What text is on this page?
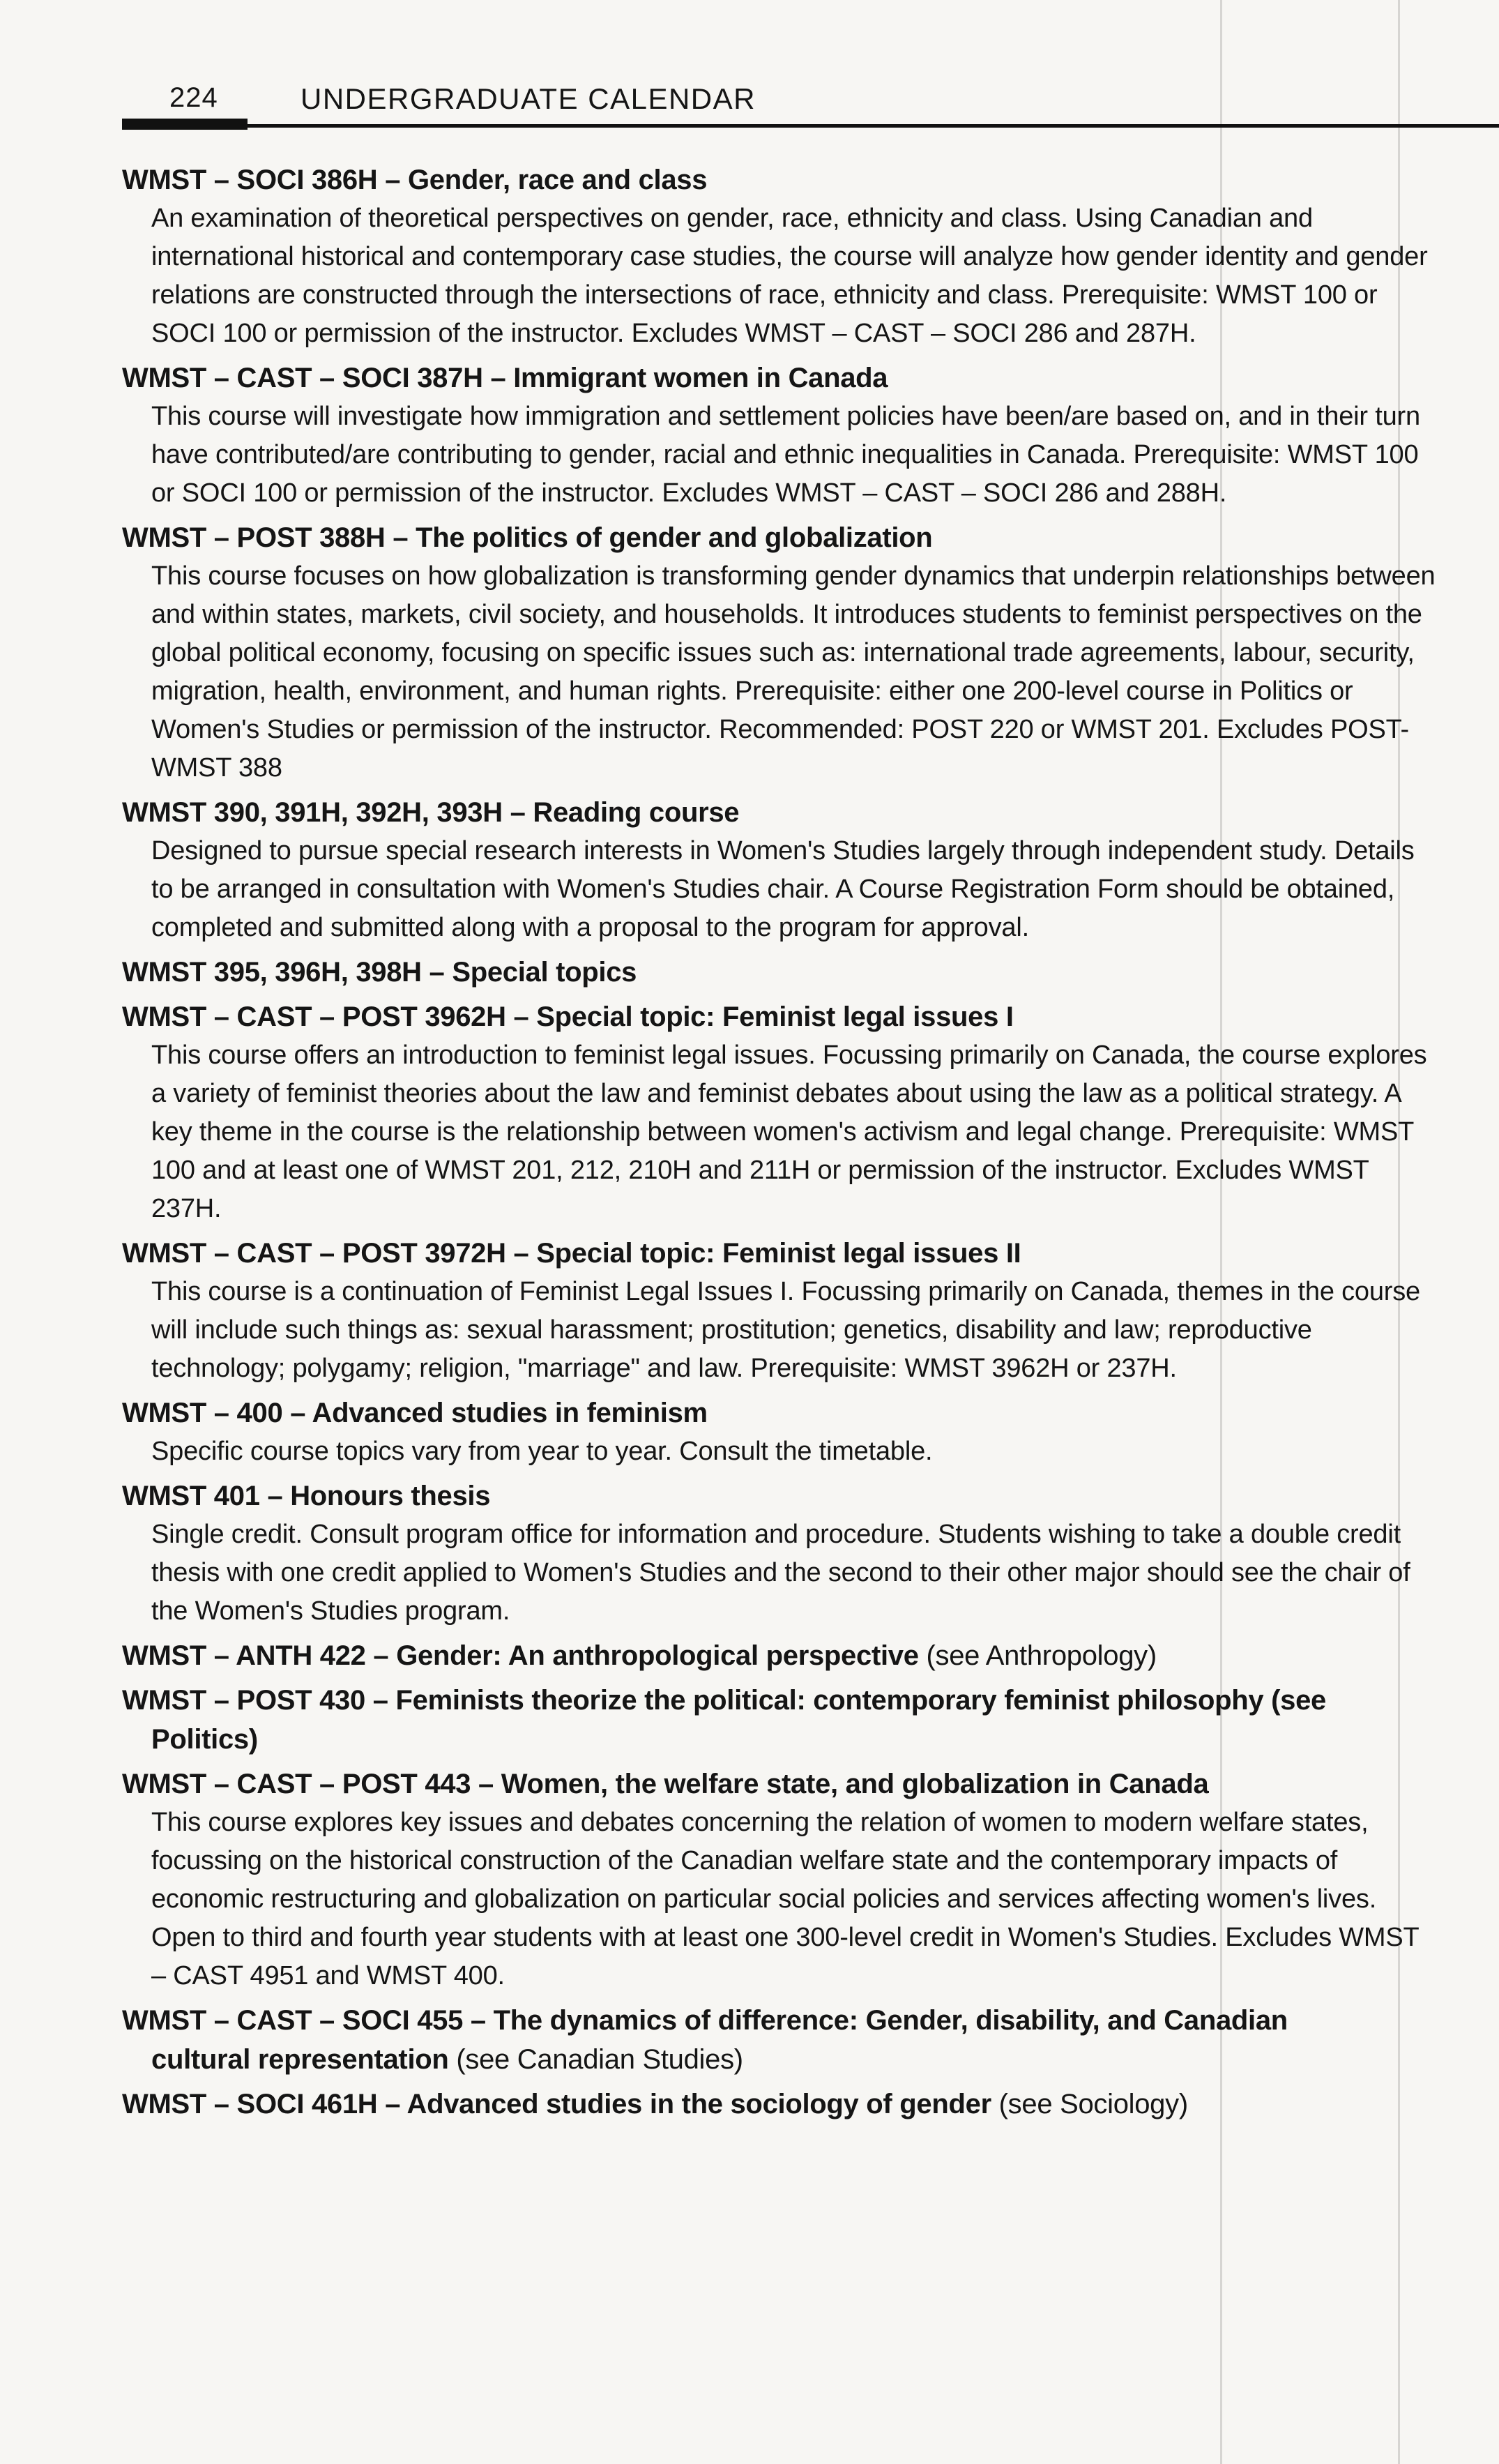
224	UNDERGRADUATE CALENDAR
WMST – SOCI 386H – Gender, race and class
An examination of theoretical perspectives on gender, race, ethnicity and class. Using Canadian and international historical and contemporary case studies, the course will analyze how gender identity and gender relations are constructed through the intersections of race, ethnicity and class. Prerequisite: WMST 100 or SOCI 100 or permission of the instructor. Excludes WMST – CAST – SOCI 286 and 287H.
WMST – CAST – SOCI 387H – Immigrant women in Canada
This course will investigate how immigration and settlement policies have been/are based on, and in their turn have contributed/are contributing to gender, racial and ethnic inequalities in Canada. Prerequisite: WMST 100 or SOCI 100 or permission of the instructor. Excludes WMST – CAST – SOCI 286 and 288H.
WMST – POST 388H – The politics of gender and globalization
This course focuses on how globalization is transforming gender dynamics that underpin relationships between and within states, markets, civil society, and households. It introduces students to feminist perspectives on the global political economy, focusing on specific issues such as: international trade agreements, labour, security, migration, health, environment, and human rights. Prerequisite: either one 200-level course in Politics or Women's Studies or permission of the instructor. Recommended: POST 220 or WMST 201. Excludes POST-WMST 388
WMST 390, 391H, 392H, 393H – Reading course
Designed to pursue special research interests in Women's Studies largely through independent study. Details to be arranged in consultation with Women's Studies chair. A Course Registration Form should be obtained, completed and submitted along with a proposal to the program for approval.
WMST 395, 396H, 398H – Special topics
WMST – CAST – POST 3962H – Special topic: Feminist legal issues I
This course offers an introduction to feminist legal issues. Focussing primarily on Canada, the course explores a variety of feminist theories about the law and feminist debates about using the law as a political strategy. A key theme in the course is the relationship between women's activism and legal change. Prerequisite: WMST 100 and at least one of WMST 201, 212, 210H and 211H or permission of the instructor. Excludes WMST 237H.
WMST – CAST – POST 3972H – Special topic: Feminist legal issues II
This course is a continuation of Feminist Legal Issues I. Focussing primarily on Canada, themes in the course will include such things as: sexual harassment; prostitution; genetics, disability and law; reproductive technology; polygamy; religion, "marriage" and law. Prerequisite: WMST 3962H or 237H.
WMST – 400 – Advanced studies in feminism
Specific course topics vary from year to year. Consult the timetable.
WMST 401 – Honours thesis
Single credit. Consult program office for information and procedure. Students wishing to take a double credit thesis with one credit applied to Women's Studies and the second to their other major should see the chair of the Women's Studies program.
WMST – ANTH 422 – Gender: An anthropological perspective (see Anthropology)
WMST – POST 430 – Feminists theorize the political: contemporary feminist philosophy (see
Politics)
WMST – CAST – POST 443 – Women, the welfare state, and globalization in Canada
This course explores key issues and debates concerning the relation of women to modern welfare states, focussing on the historical construction of the Canadian welfare state and the contemporary impacts of economic restructuring and globalization on particular social policies and services affecting women's lives. Open to third and fourth year students with at least one 300-level credit in Women's Studies. Excludes WMST – CAST 4951 and WMST 400.
WMST – CAST – SOCI 455 – The dynamics of difference: Gender, disability, and Canadian
cultural representation (see Canadian Studies)
WMST – SOCI 461H – Advanced studies in the sociology of gender (see Sociology)
